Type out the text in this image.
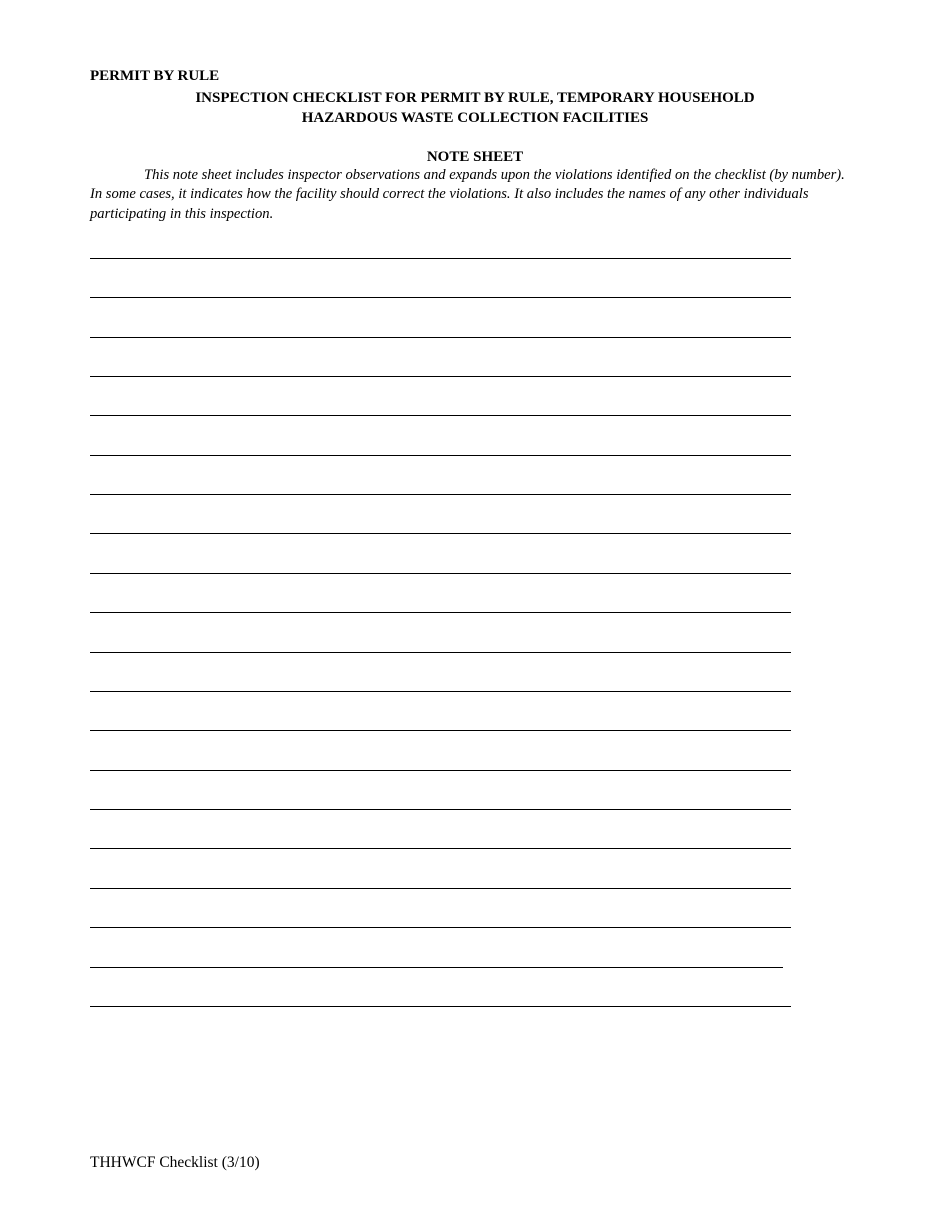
PERMIT BY RULE
INSPECTION CHECKLIST FOR PERMIT BY RULE, TEMPORARY HOUSEHOLD
HAZARDOUS WASTE COLLECTION FACILITIES
NOTE SHEET
This note sheet includes inspector observations and expands upon the violations identified on the checklist (by number). In some cases, it indicates how the facility should correct the violations. It also includes the names of any other individuals participating in this inspection.
THHWCF Checklist (3/10)
